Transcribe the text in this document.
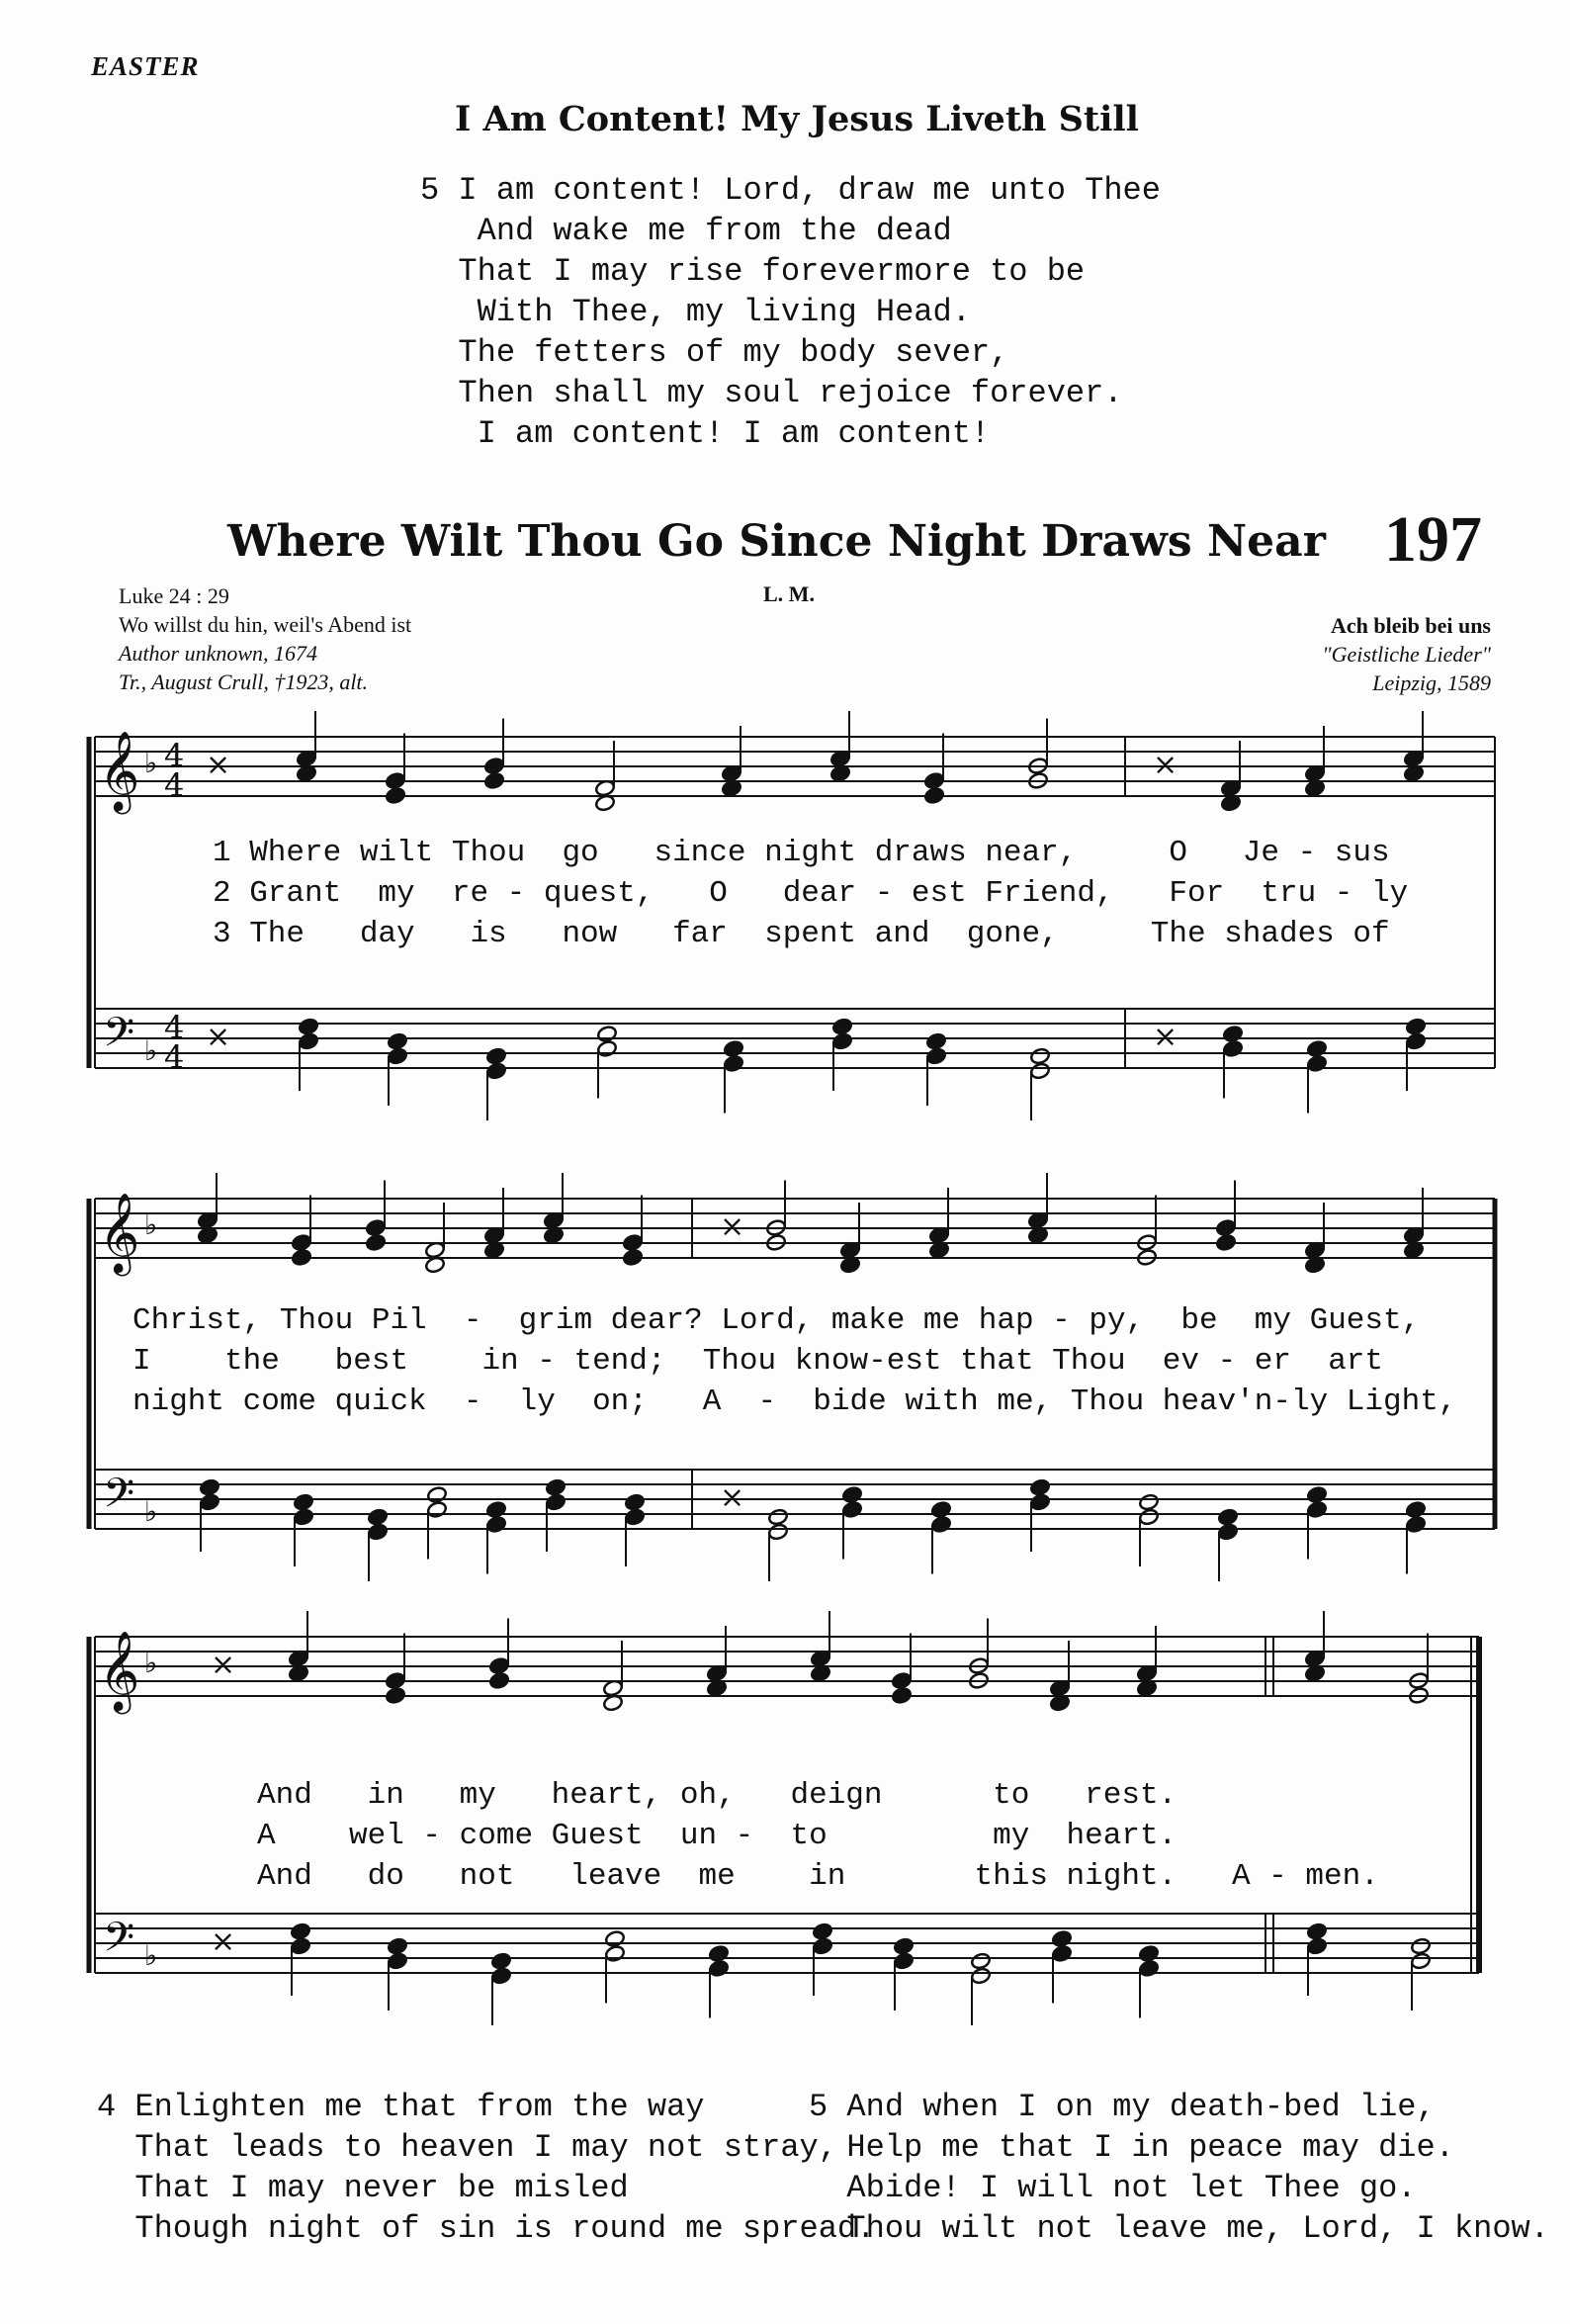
EASTER
I Am Content! My Jesus Liveth Still
5 I am content! Lord, draw me unto Thee
And wake me from the dead
That I may rise forevermore to be
With Thee, my living Head.
The fetters of my body sever,
Then shall my soul rejoice forever.
I am content! I am content!
Where Wilt Thou Go Since Night Draws Near 197
Luke 24 : 29
Wo willst du hin, weil's Abend ist
Author unknown, 1674
Tr., August Crull, †1923, alt.
L. M.
Ach bleib bei uns
"Geistliche Lieder"
Leipzig, 1589
𝄞
𝄢
♭
♭
4
4
4
4
⨯
⨯
⨯
⨯
𝄞
𝄢
♭
♭
⨯
⨯
𝄞
𝄢
♭
♭
⨯
⨯
1 Where wilt Thou  go   since night draws near,     O   Je - sus
2 Grant  my  re - quest,   O   dear - est Friend,   For  tru - ly
3 The   day   is   now   far  spent and  gone,     The shades of
Christ, Thou Pil  -  grim dear? Lord, make me hap - py,  be  my Guest,
I    the   best    in - tend;  Thou know-est that Thou  ev - er  art
night come quick  -  ly  on;   A  -  bide with me, Thou heav'n-ly Light,
And   in   my   heart, oh,   deign      to   rest.
A    wel - come Guest  un -  to         my  heart.
And   do   not   leave  me    in       this night.   A - men.
4 Enlighten me that from the way
That leads to heaven I may not stray,
That I may never be misled
Though night of sin is round me spread.
5 And when I on my death-bed lie,
Help me that I in peace may die.
Abide! I will not let Thee go.
Thou wilt not leave me, Lord, I know.
